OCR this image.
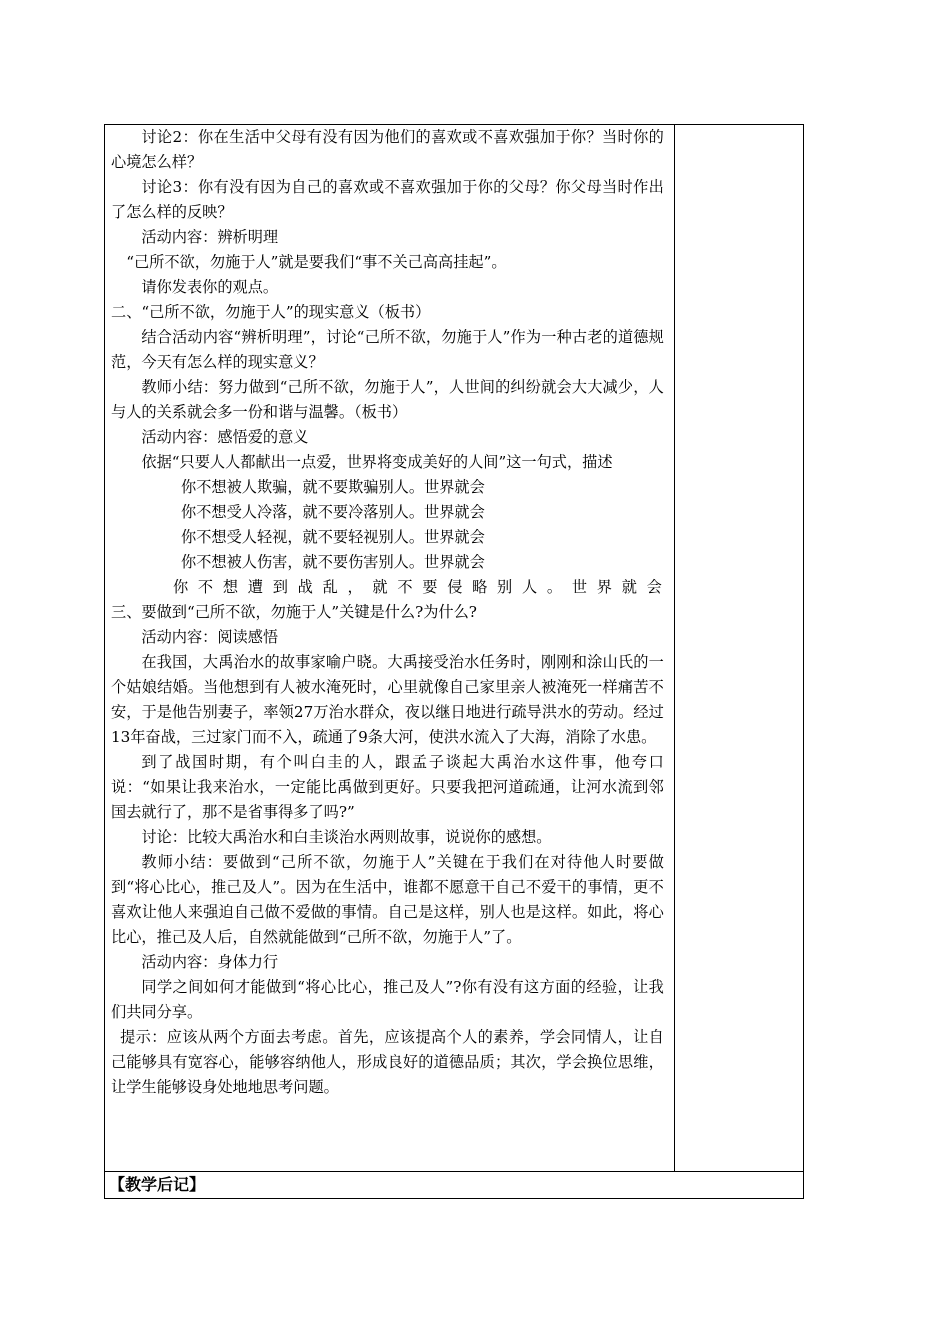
讨论2：你在生活中父母有没有因为他们的喜欢或不喜欢强加于你？当时你的心境怎么样？

讨论3：你有没有因为自己的喜欢或不喜欢强加于你的父母？你父母当时作出了怎么样的反映？

活动内容：辨析明理

“己所不欲，勿施于人”就是要我们“事不关己高高挂起”。

请你发表你的观点。

二、“己所不欲，勿施于人”的现实意义（板书）

结合活动内容“辨析明理”，讨论“己所不欲，勿施于人”作为一种古老的道德规范，今天有怎么样的现实意义？

教师小结：努力做到“己所不欲，勿施于人”，人世间的纠纷就会大大减少，人与人的关系就会多一份和谐与温馨。（板书）

活动内容：感悟爱的意义

依据“只要人人都献出一点爱，世界将变成美好的人间”这一句式，描述

你不想被人欺骗，就不要欺骗别人。世界就会

你不想受人冷落，就不要冷落别人。世界就会

你不想受人轻视，就不要轻视别人。世界就会

你不想被人伤害，就不要伤害别人。世界就会

你不想遭到战乱，就不要侵略别人。世界就会

三、要做到“己所不欲，勿施于人”关键是什么?为什么?

活动内容：阅读感悟

在我国，大禹治水的故事家喻户晓。大禹接受治水任务时，刚刚和涂山氏的一个姑娘结婚。当他想到有人被水淹死时，心里就像自己家里亲人被淹死一样痛苦不安，于是他告别妻子，率领27万治水群众，夜以继日地进行疏导洪水的劳动。经过13年奋战，三过家门而不入，疏通了9条大河，使洪水流入了大海，消除了水患。

到了战国时期，有个叫白圭的人，跟孟子谈起大禹治水这件事，他夸口说：“如果让我来治水，一定能比禹做到更好。只要我把河道疏通，让河水流到邻国去就行了，那不是省事得多了吗?”

讨论：比较大禹治水和白圭谈治水两则故事，说说你的感想。

教师小结：要做到“己所不欲，勿施于人”关键在于我们在对待他人时要做到“将心比心，推己及人”。因为在生活中，谁都不愿意干自己不爱干的事情，更不喜欢让他人来强迫自己做不爱做的事情。自己是这样，别人也是这样。如此，将心比心，推己及人后，自然就能做到“己所不欲，勿施于人”了。

活动内容：身体力行

同学之间如何才能做到“将心比心，推己及人”?你有没有这方面的经验，让我们共同分享。

提示：应该从两个方面去考虑。首先，应该提高个人的素养，学会同情人，让自己能够具有宽容心，能够容纳他人，形成良好的道德品质；其次，学会换位思维，让学生能够设身处地地思考问题。

【教学后记】
